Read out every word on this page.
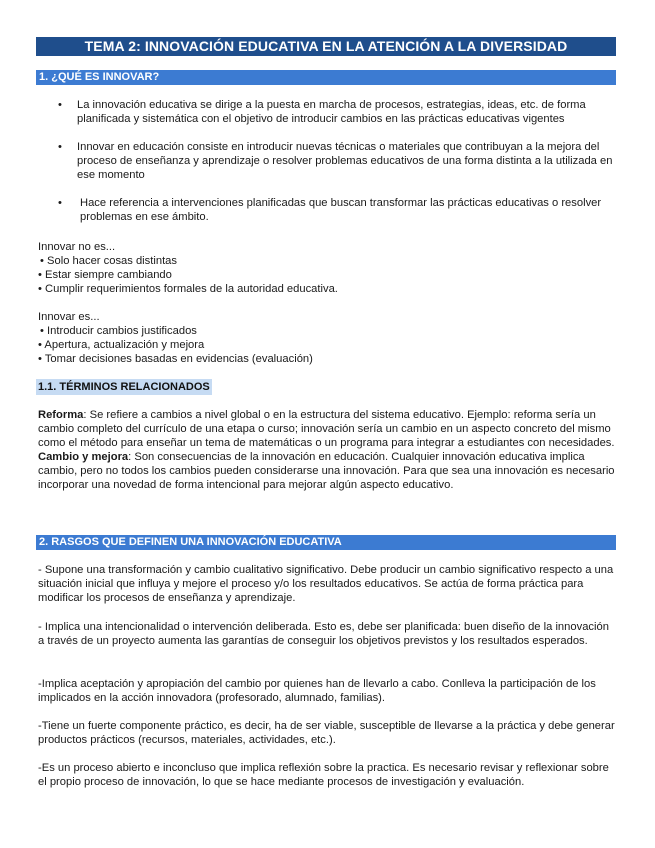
TEMA 2: INNOVACIÓN EDUCATIVA EN LA ATENCIÓN A LA DIVERSIDAD
1. ¿QUÉ ES INNOVAR?
• La innovación educativa se dirige a la puesta en marcha de procesos, estrategias, ideas, etc. de forma planificada y sistemática con el objetivo de introducir cambios en las prácticas educativas vigentes
• Innovar en educación consiste en introducir nuevas técnicas o materiales que contribuyan a la mejora del proceso de enseñanza y aprendizaje o resolver problemas educativos de una forma distinta a la utilizada en ese momento
• Hace referencia a intervenciones planificadas que buscan transformar las prácticas educativas o resolver problemas en ese ámbito.

Innovar no es...

• Solo hacer cosas distintas
• Estar siempre cambiando
• Cumplir requerimientos formales de la autoridad educativa.

Innovar es...

• Introducir cambios justificados
• Apertura, actualización y mejora
• Tomar decisiones basadas en evidencias (evaluación)
1.1. TÉRMINOS RELACIONADOS

Reforma: Se refiere a cambios a nivel global o en la estructura del sistema educativo. Ejemplo: reforma sería un cambio completo del currículo de una etapa o curso; innovación sería un cambio en un aspecto concreto del mismo como el método para enseñar un tema de matemáticas o un programa para integrar a estudiantes con necesidades.

Cambio y mejora: Son consecuencias de la innovación en educación. Cualquier innovación educativa implica cambio, pero no todos los cambios pueden considerarse una innovación. Para que sea una innovación es necesario incorporar una novedad de forma intencional para mejorar algún aspecto educativo.

2. RASGOS QUE DEFINEN UNA INNOVACIÓN EDUCATIVA

- Supone una transformación y cambio cualitativo significativo. Debe producir un cambio significativo respecto a una situación inicial que influya y mejore el proceso y/o los resultados educativos. Se actúa de forma práctica para modificar los procesos de enseñanza y aprendizaje.

- Implica una intencionalidad o intervención deliberada. Esto es, debe ser planificada: buen diseño de la innovación a través de un proyecto aumenta las garantías de conseguir los objetivos previstos y los resultados esperados.

-Implica aceptación y apropiación del cambio por quienes han de llevarlo a cabo. Conlleva la participación de los implicados en la acción innovadora (profesorado, alumnado, familias).

-Tiene un fuerte componente práctico, es decir, ha de ser viable, susceptible de llevarse a la práctica y debe generar productos prácticos (recursos, materiales, actividades, etc.).

-Es un proceso abierto e inconcluso que implica reflexión sobre la practica. Es necesario revisar y reflexionar sobre el propio proceso de innovación, lo que se hace mediante procesos de investigación y evaluación.
